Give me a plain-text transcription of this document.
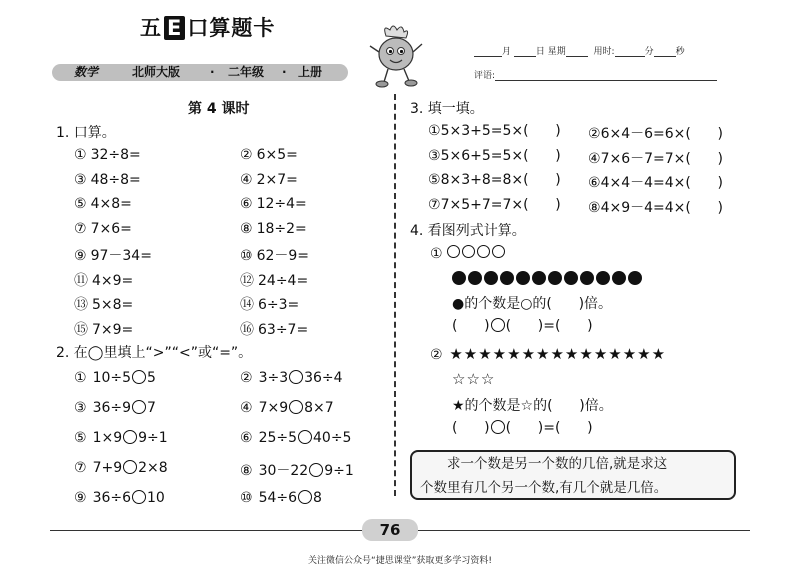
五 E 口算题卡
数学	北师大版 · 二年级 · 上册
月	日 星期	用时:	分 秒
评语:
第 4 课时
1. 口算。
① 32÷8=	② 6×5=
③ 48÷8=	④ 2×7=
⑤ 4×8=	⑥ 12÷4=
⑦ 7×6=	⑧ 18÷2=
⑨ 97－34=	⑩ 62－9=
⑪ 4×9=	⑫ 24÷4=
⑬ 5×8=	⑭ 6÷3=
⑮ 7×9=	⑯ 63÷7=
2. 在◯里填上“>”“<”或“=”。
① 10÷5 5	② 3÷3 36÷4
③ 36÷9 7	④ 7×9 8×7
⑤ 1×9 9÷1	⑥ 25÷5 40÷5
⑦ 7+9 2×8	⑧ 30－22 9÷1
⑨ 36÷6 10	⑩ 54÷6 8
3. 填一填。
①5×3+5=5×(      ) ②6×4－6=6×(      )
③5×6+5=5×(      ) ④7×6－7=7×(      )
⑤8×3+8=8×(      ) ⑥4×4－4=4×(      )
⑦7×5+7=7×(      ) ⑧4×9－4=4×(      )
4. 看图列式计算。
①
●的个数是○的(      )倍。
(      ) (      )=(      )
② ★★★★★★★★★★★★★★★
☆☆☆
★的个数是☆的(      )倍。
(      ) (      )=(      )
求一个数是另一个数的几倍,就是求这
个数里有几个另一个数,有几个就是几倍。
76
关注微信公众号“捷思课堂”获取更多学习资料!
